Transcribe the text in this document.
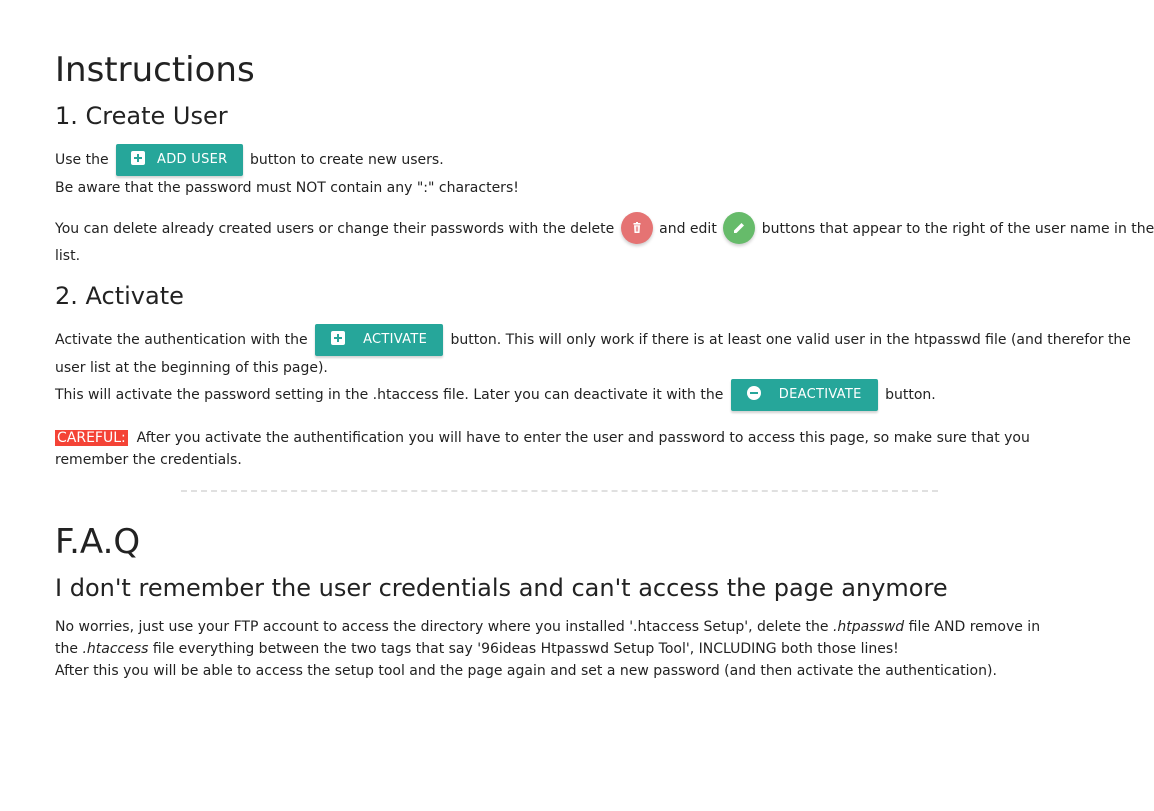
Instructions
1. Create User
Use the	ADD USER button to create new users.
Be aware that the password must NOT contain any ":" characters!
You can delete already created users or change their passwords with the delete	and edit	buttons that appear to the right of the user name in the
list.
2. Activate
Activate the authentication with the	ACTIVATE button. This will only work if there is at least one valid user in the htpasswd file (and therefor the
user list at the beginning of this page).
This will activate the password setting in the .htaccess file. Later you can deactivate it with the	DEACTIVATE button.
CAREFUL: After you activate the authentification you will have to enter the user and password to access this page, so make sure that you remember the credentials.
F.A.Q
I don't remember the user credentials and can't access the page anymore
No worries, just use your FTP account to access the directory where you installed '.htaccess Setup', delete the .htpasswd file AND remove in the .htaccess file everything between the two tags that say '96ideas Htpasswd Setup Tool', INCLUDING both those lines!
After this you will be able to access the setup tool and the page again and set a new password (and then activate the authentication).
